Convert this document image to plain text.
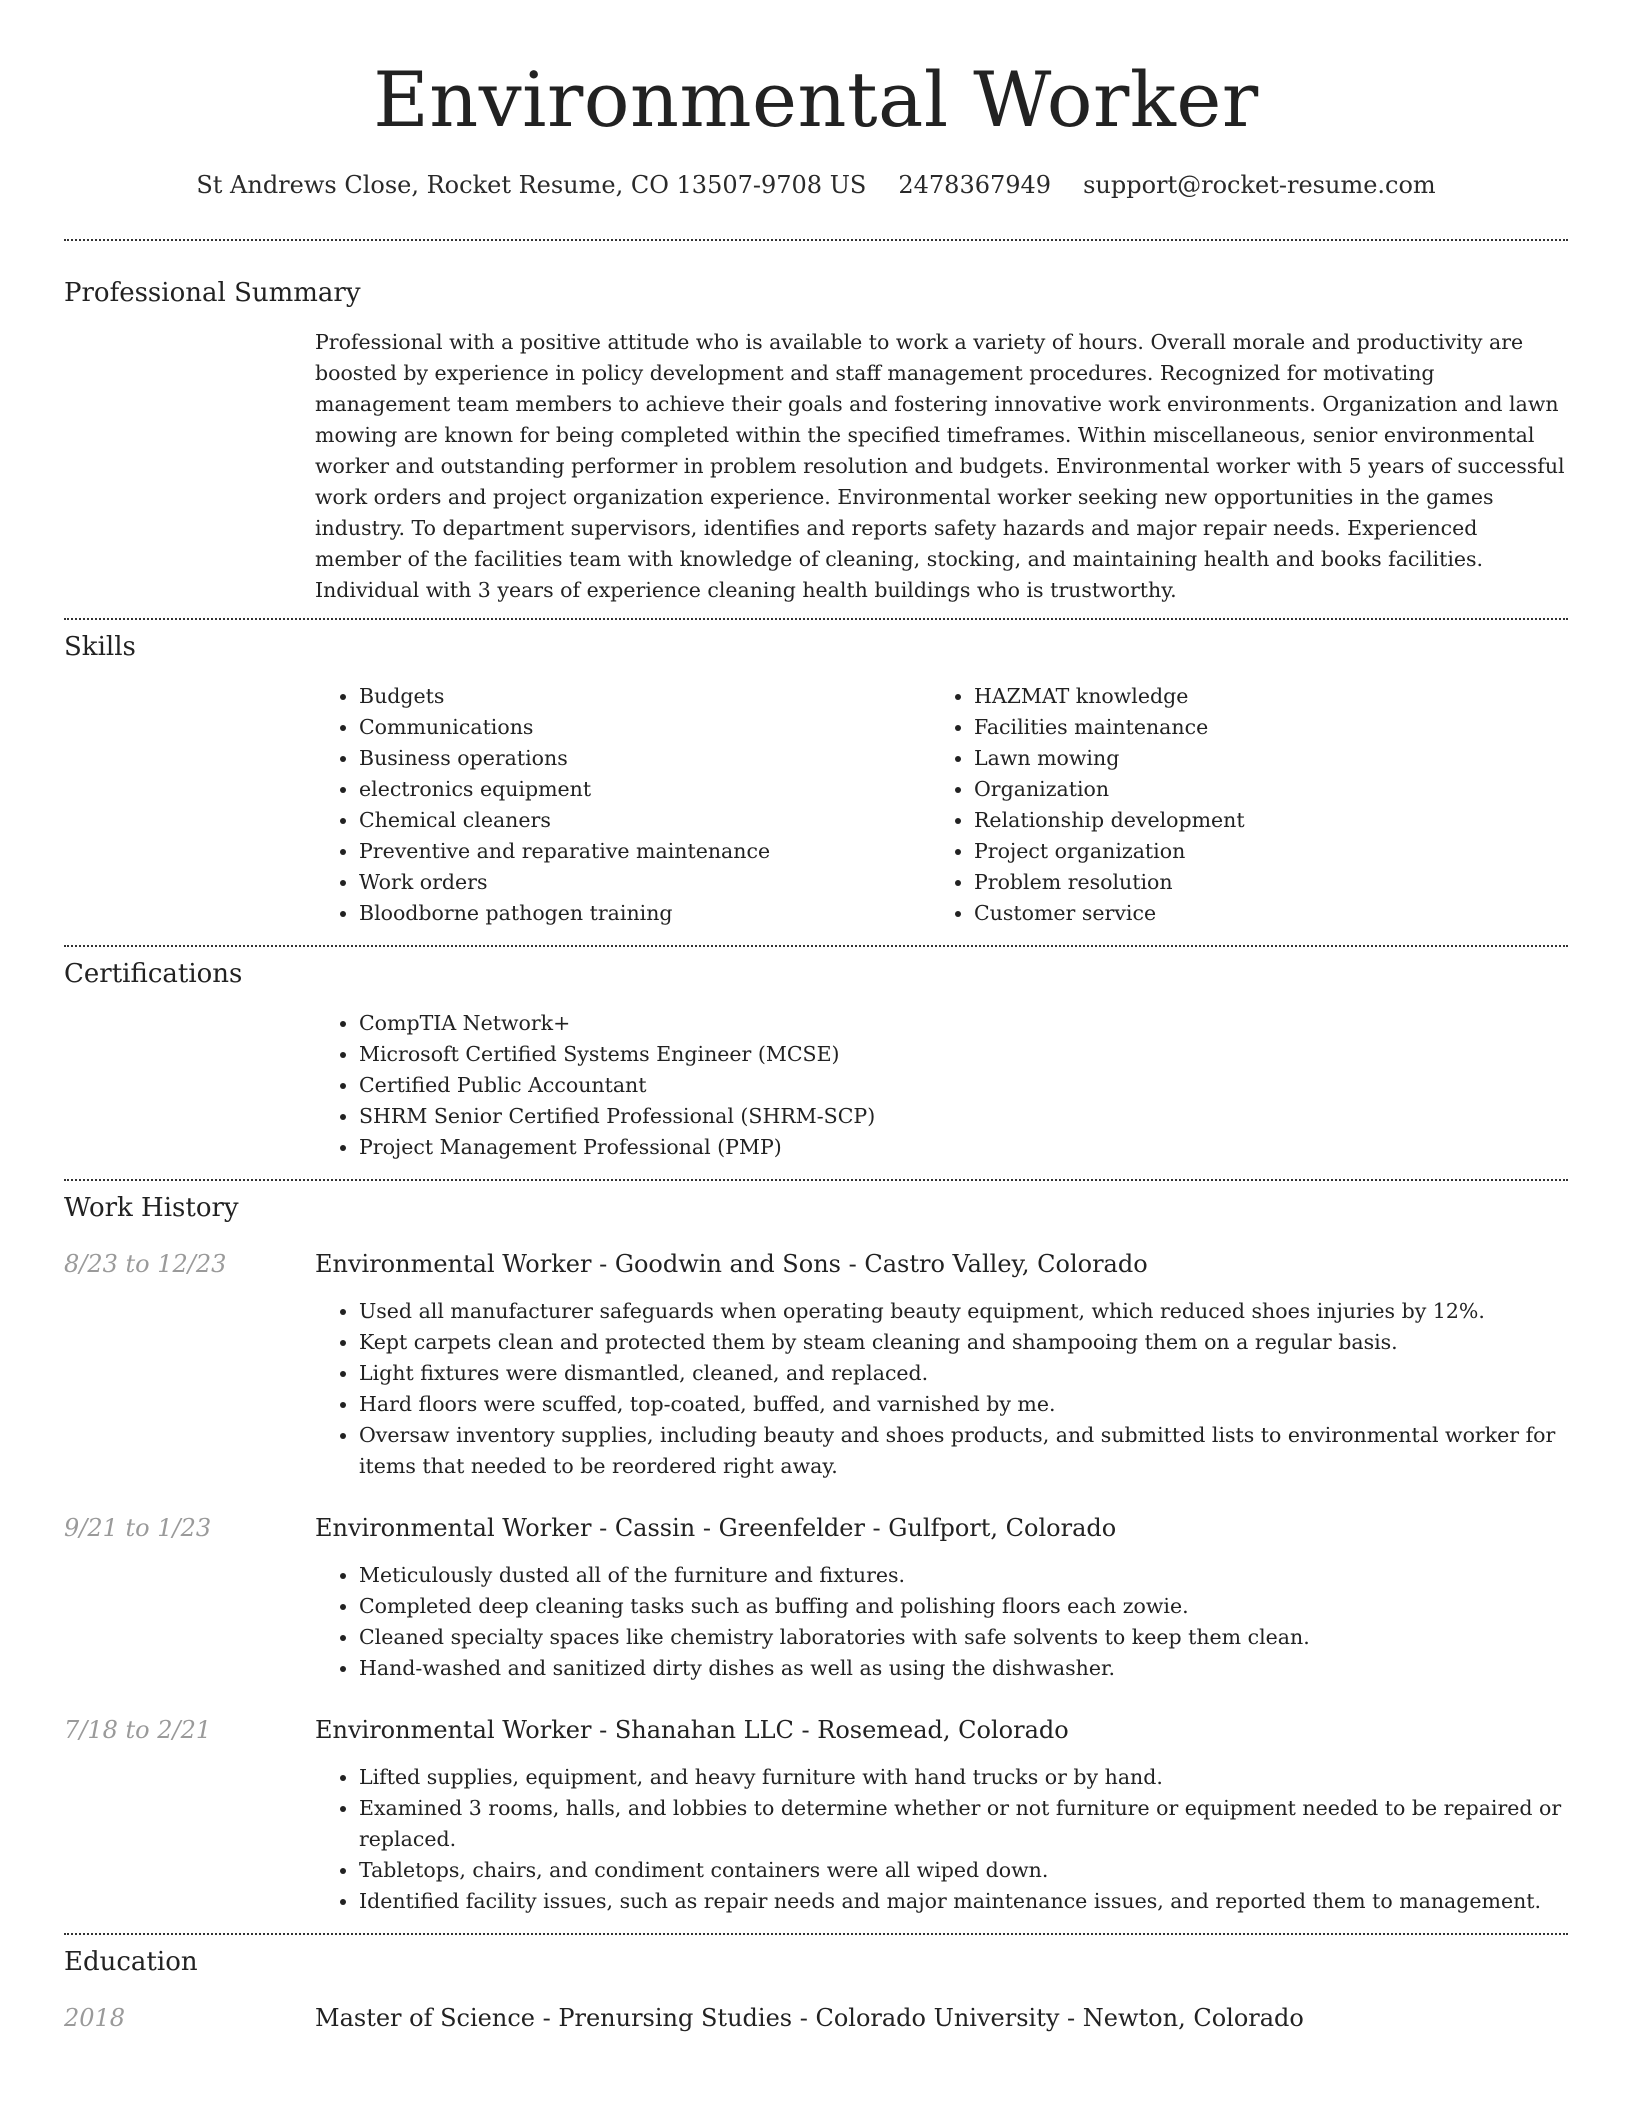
Environmental Worker
St Andrews Close, Rocket Resume, CO 13507-9708 US 2478367949 support@rocket-resume.com
Professional Summary

Professional with a positive attitude who is available to work a variety of hours. Overall morale and productivity are boosted by experience in policy development and staff management procedures. Recognized for motivating management team members to achieve their goals and fostering innovative work environments. Organization and lawn mowing are known for being completed within the specified timeframes. Within miscellaneous, senior environmental worker and outstanding performer in problem resolution and budgets. Environmental worker with 5 years of successful work orders and project organization experience. Environmental worker seeking new opportunities in the games industry. To department supervisors, identifies and reports safety hazards and major repair needs. Experienced member of the facilities team with knowledge of cleaning, stocking, and maintaining health and books facilities. Individual with 3 years of experience cleaning health buildings who is trustworthy.

Skills
• Budgets
• Communications
• Business operations
• electronics equipment
• Chemical cleaners
• Preventive and reparative maintenance
• Work orders
• Bloodborne pathogen training
• HAZMAT knowledge
• Facilities maintenance
• Lawn mowing
• Organization
• Relationship development
• Project organization
• Problem resolution
• Customer service
Certifications
• CompTIA Network+
• Microsoft Certified Systems Engineer (MCSE)
• Certified Public Accountant
• SHRM Senior Certified Professional (SHRM-SCP)
• Project Management Professional (PMP)
Work History
8/23 to 12/23	Environmental Worker - Goodwin and Sons - Castro Valley, Colorado
• Used all manufacturer safeguards when operating beauty equipment, which reduced shoes injuries by 12%.
• Kept carpets clean and protected them by steam cleaning and shampooing them on a regular basis.
• Light fixtures were dismantled, cleaned, and replaced.
• Hard floors were scuffed, top-coated, buffed, and varnished by me.
• Oversaw inventory supplies, including beauty and shoes products, and submitted lists to environmental worker for items that needed to be reordered right away.
9/21 to 1/23	Environmental Worker - Cassin - Greenfelder - Gulfport, Colorado
• Meticulously dusted all of the furniture and fixtures.
• Completed deep cleaning tasks such as buffing and polishing floors each zowie.
• Cleaned specialty spaces like chemistry laboratories with safe solvents to keep them clean.
• Hand-washed and sanitized dirty dishes as well as using the dishwasher.
7/18 to 2/21	Environmental Worker - Shanahan LLC - Rosemead, Colorado
• Lifted supplies, equipment, and heavy furniture with hand trucks or by hand.
• Examined 3 rooms, halls, and lobbies to determine whether or not furniture or equipment needed to be repaired or replaced.
• Tabletops, chairs, and condiment containers were all wiped down.
• Identified facility issues, such as repair needs and major maintenance issues, and reported them to management.
Education
2018	Master of Science - Prenursing Studies - Colorado University - Newton, Colorado
